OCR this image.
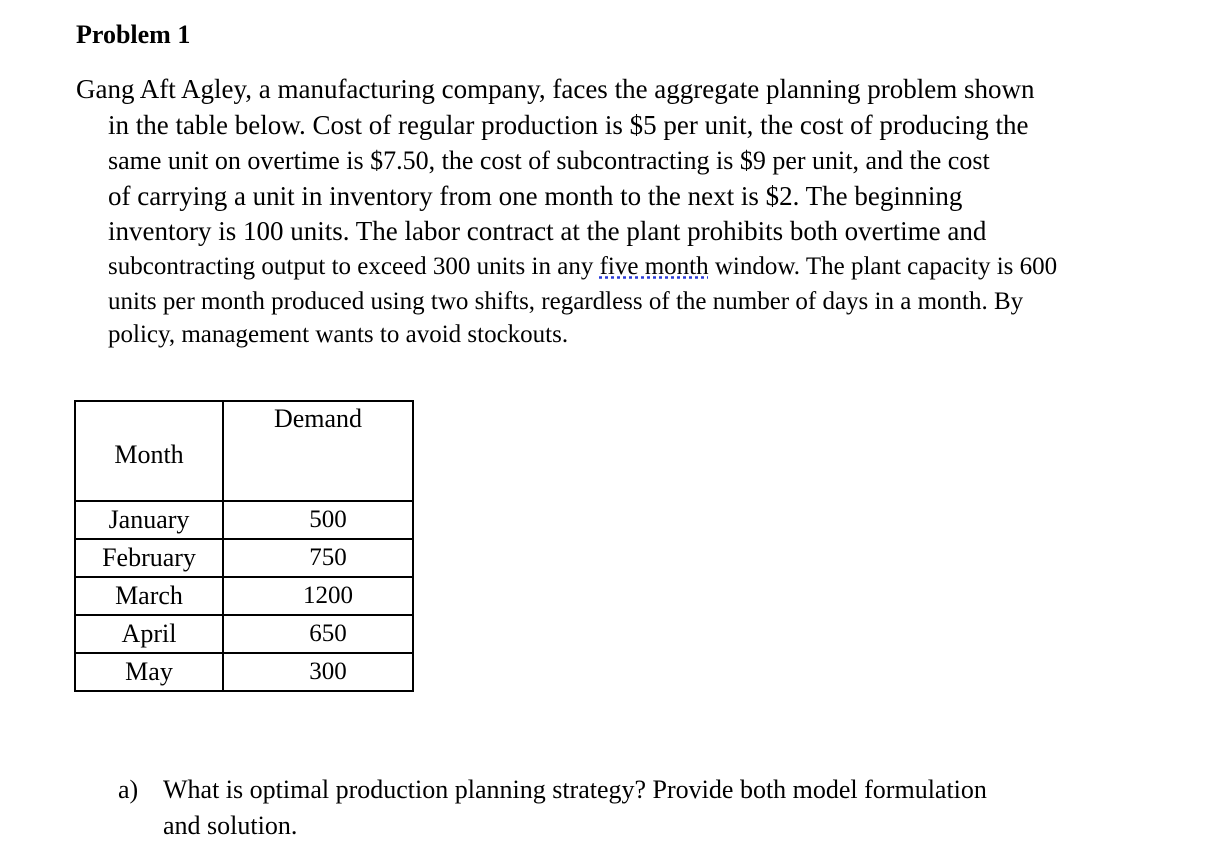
Problem 1
Gang Aft Agley, a manufacturing company, faces the aggregate planning problem shown
in the table below. Cost of regular production is $5 per unit, the cost of producing the
same unit on overtime is $7.50, the cost of subcontracting is $9 per unit, and the cost
of carrying a unit in inventory from one month to the next is $2. The beginning
inventory is 100 units. The labor contract at the plant prohibits both overtime and
subcontracting output to exceed 300 units in any five month window. The plant capacity is 600
units per month produced using two shifts, regardless of the number of days in a month. By
policy, management wants to avoid stockouts.
Month	Demand
January	500
February	750
March	1200
April	650
May	300
a) What is optimal production planning strategy? Provide both model formulation
and solution.
